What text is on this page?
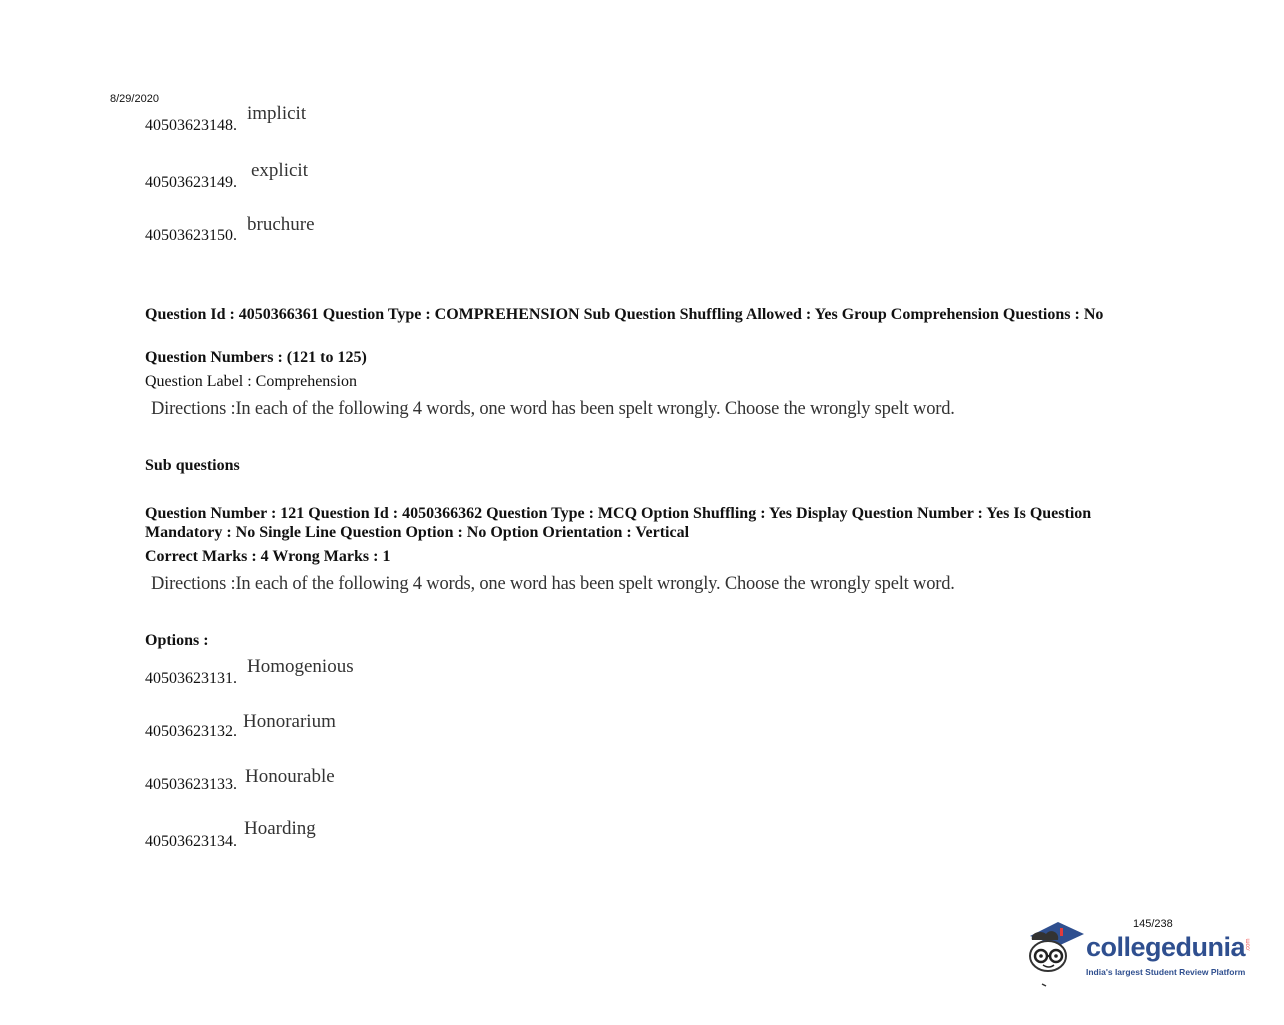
8/29/2020
40503623148.implicit
40503623149.explicit
40503623150.bruchure
Question Id : 4050366361 Question Type : COMPREHENSION Sub Question Shuffling Allowed : Yes Group Comprehension Questions : No
Question Numbers : (121 to 125)
Question Label : Comprehension
Directions :In each of the following 4 words, one word has been spelt wrongly. Choose the wrongly spelt word.
Sub questions
Question Number : 121 Question Id : 4050366362 Question Type : MCQ Option Shuffling : Yes Display Question Number : Yes Is Question Mandatory : No Single Line Question Option : No Option Orientation : Vertical
Correct Marks : 4 Wrong Marks : 1
Directions :In each of the following 4 words, one word has been spelt wrongly. Choose the wrongly spelt word.
Options :
40503623131.Homogenious
40503623132. Honorarium
40503623133. Honourable
40503623134.Hoarding
145/238
collegedunia .com
India's largest Student Review Platform
